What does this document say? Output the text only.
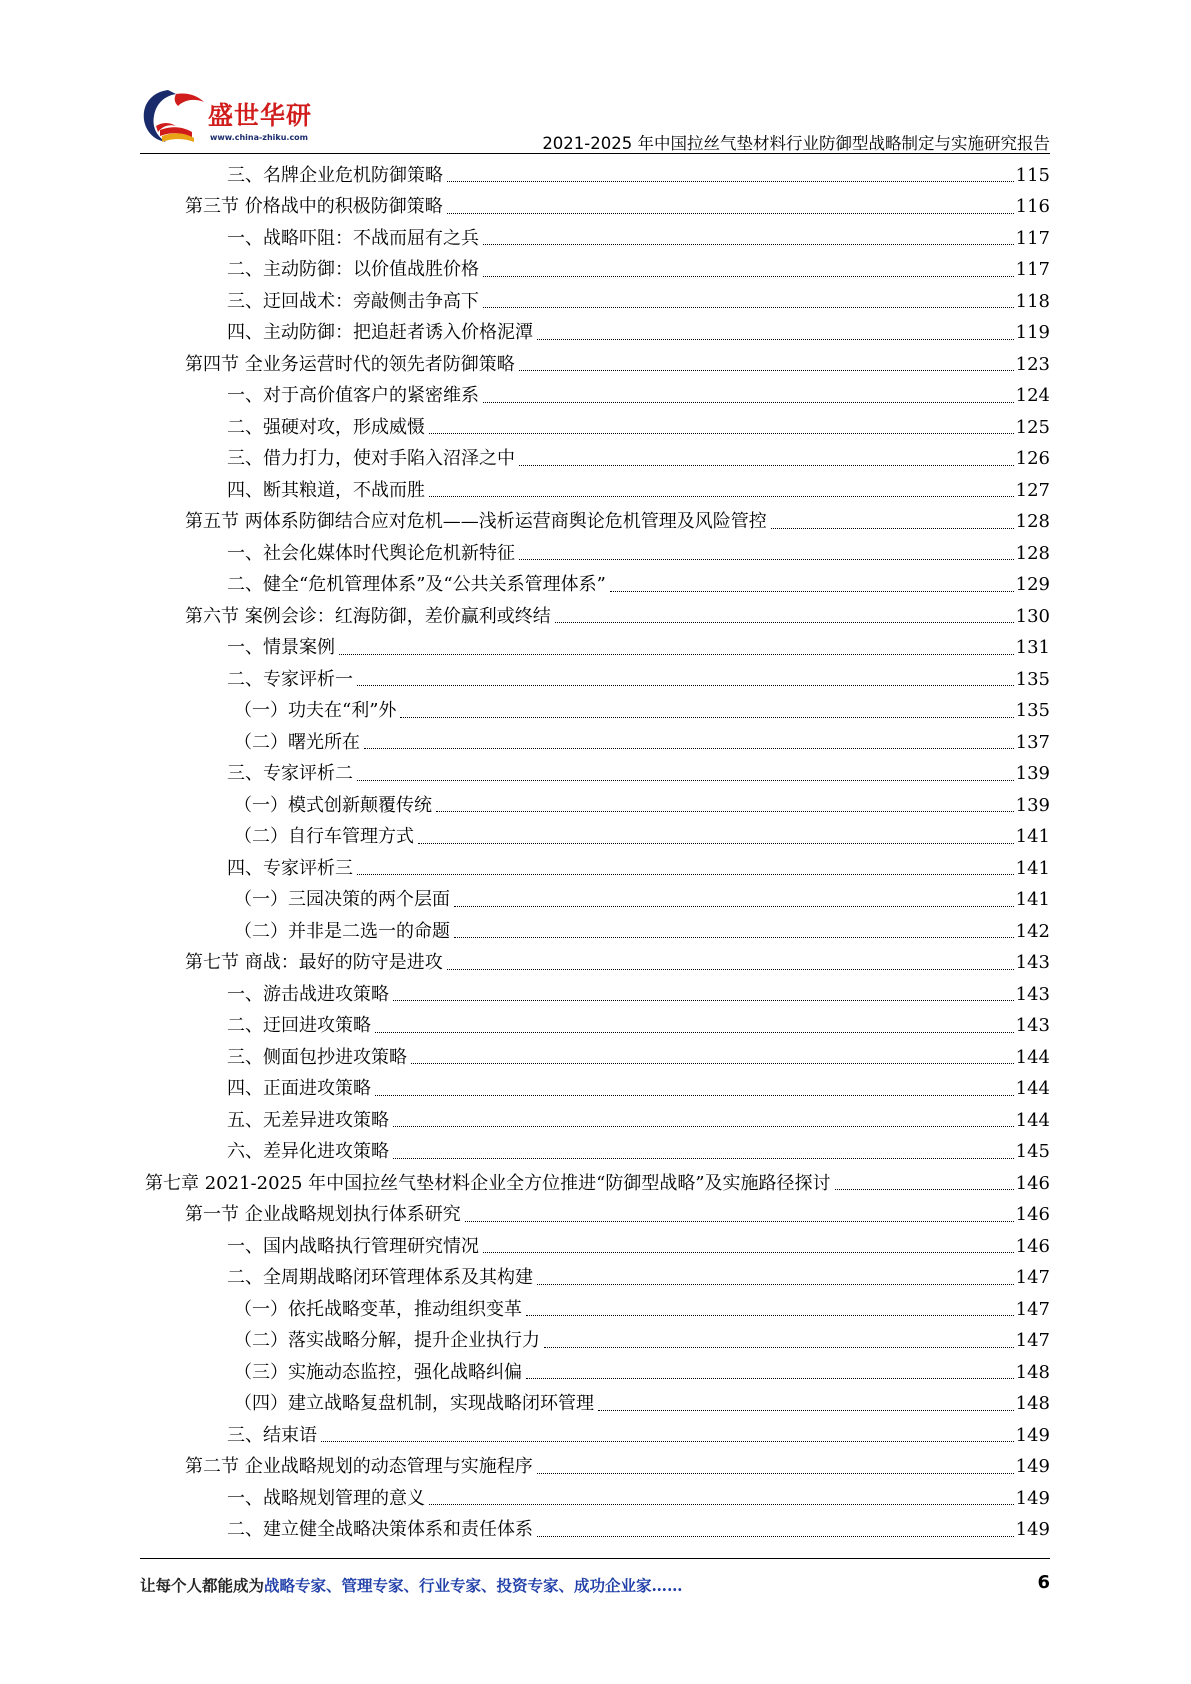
盛世华研
www.china-zhiku.com	2021-2025 年中国拉丝气垫材料行业防御型战略制定与实施研究报告
三、名牌企业危机防御策略	115
第三节 价格战中的积极防御策略	116
一、战略吓阻：不战而屈有之兵	117
二、主动防御：以价值战胜价格	117
三、迂回战术：旁敲侧击争高下	118
四、主动防御：把追赶者诱入价格泥潭	119
第四节 全业务运营时代的领先者防御策略	123
一、对于高价值客户的紧密维系	124
二、强硬对攻，形成威慑	125
三、借力打力，使对手陷入沼泽之中	126
四、断其粮道，不战而胜	127
第五节 两体系防御结合应对危机——浅析运营商舆论危机管理及风险管控	128
一、社会化媒体时代舆论危机新特征	128
二、健全“危机管理体系”及“公共关系管理体系”	129
第六节 案例会诊：红海防御，差价赢利或终结	130
一、情景案例	131
二、专家评析一	135
（一）功夫在“利”外	135
（二）曙光所在	137
三、专家评析二	139
（一）模式创新颠覆传统	139
（二）自行车管理方式	141
四、专家评析三	141
（一）三园决策的两个层面	141
（二）并非是二选一的命题	142
第七节 商战：最好的防守是进攻	143
一、游击战进攻策略	143
二、迂回进攻策略	143
三、侧面包抄进攻策略	144
四、正面进攻策略	144
五、无差异进攻策略	144
六、差异化进攻策略	145
第七章 2021-2025 年中国拉丝气垫材料企业全方位推进“防御型战略”及实施路径探讨	146
第一节 企业战略规划执行体系研究	146
一、国内战略执行管理研究情况	146
二、全周期战略闭环管理体系及其构建	147
（一）依托战略变革，推动组织变革	147
（二）落实战略分解，提升企业执行力	147
（三）实施动态监控，强化战略纠偏	148
（四）建立战略复盘机制，实现战略闭环管理	148
三、结束语	149
第二节 企业战略规划的动态管理与实施程序	149
一、战略规划管理的意义	149
二、建立健全战略决策体系和责任体系	149
让每个人都能成为战略专家、管理专家、行业专家、投资专家、成功企业家……	6
